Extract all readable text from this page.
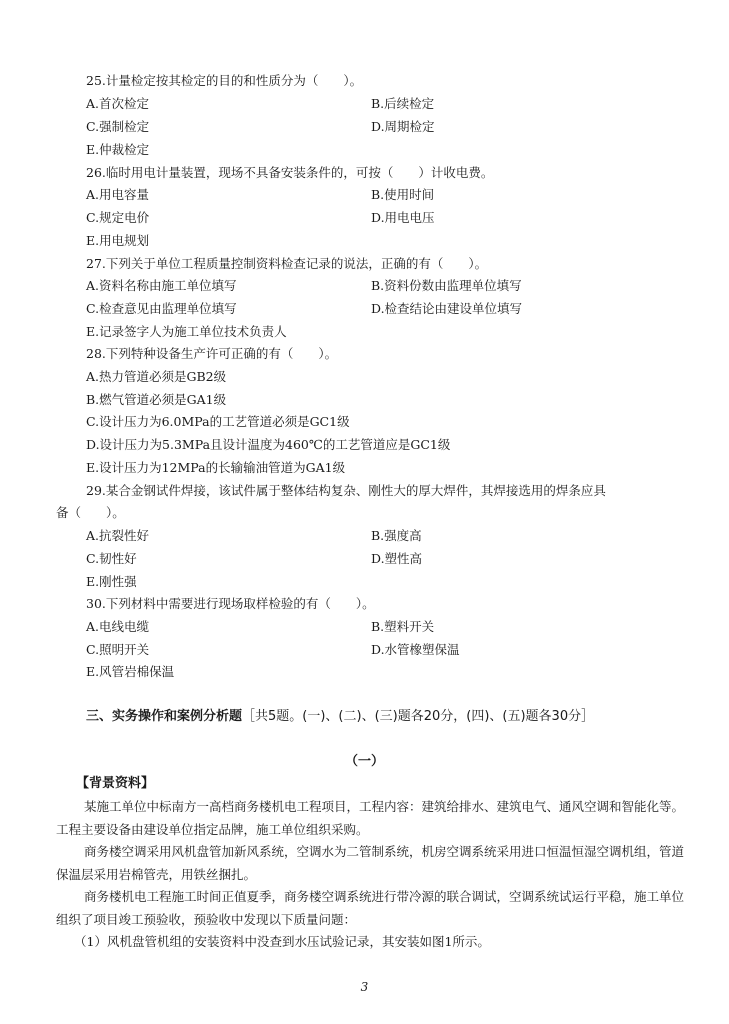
25.计量检定按其检定的目的和性质分为（　　）。
A.首次检定	B.后续检定
C.强制检定	D.周期检定
E.仲裁检定
26.临时用电计量装置，现场不具备安装条件的，可按（　　）计收电费。
A.用电容量	B.使用时间
C.规定电价	D.用电电压
E.用电规划
27.下列关于单位工程质量控制资料检查记录的说法，正确的有（　　）。
A.资料名称由施工单位填写	B.资料份数由监理单位填写
C.检查意见由监理单位填写	D.检查结论由建设单位填写
E.记录签字人为施工单位技术负责人
28.下列特种设备生产许可正确的有（　　）。
A.热力管道必须是GB2级
B.燃气管道必须是GA1级
C.设计压力为6.0MPa的工艺管道必须是GC1级
D.设计压力为5.3MPa且设计温度为460℃的工艺管道应是GC1级
E.设计压力为12MPa的长输输油管道为GA1级
29.某合金钢试件焊接，该试件属于整体结构复杂、刚性大的厚大焊件，其焊接选用的焊条应具
备（　　）。
A.抗裂性好	B.强度高
C.韧性好	D.塑性高
E.刚性强
30.下列材料中需要进行现场取样检验的有（　　）。
A.电线电缆	B.塑料开关
C.照明开关	D.水管橡塑保温
E.风管岩棉保温
三、实务操作和案例分析题［共5题。(一)、(二)、(三)题各20分，(四)、(五)题各30分］
（一）
【背景资料】
某施工单位中标南方一高档商务楼机电工程项目，工程内容：建筑给排水、建筑电气、通风空调和智能化等。工程主要设备由建设单位指定品牌，施工单位组织采购。
商务楼空调采用风机盘管加新风系统，空调水为二管制系统，机房空调系统采用进口恒温恒湿空调机组，管道保温层采用岩棉管壳，用铁丝捆扎。
商务楼机电工程施工时间正值夏季，商务楼空调系统进行带冷源的联合调试，空调系统试运行平稳，施工单位组织了项目竣工预验收，预验收中发现以下质量问题：
（1）风机盘管机组的安装资料中没查到水压试验记录，其安装如图1所示。
3
